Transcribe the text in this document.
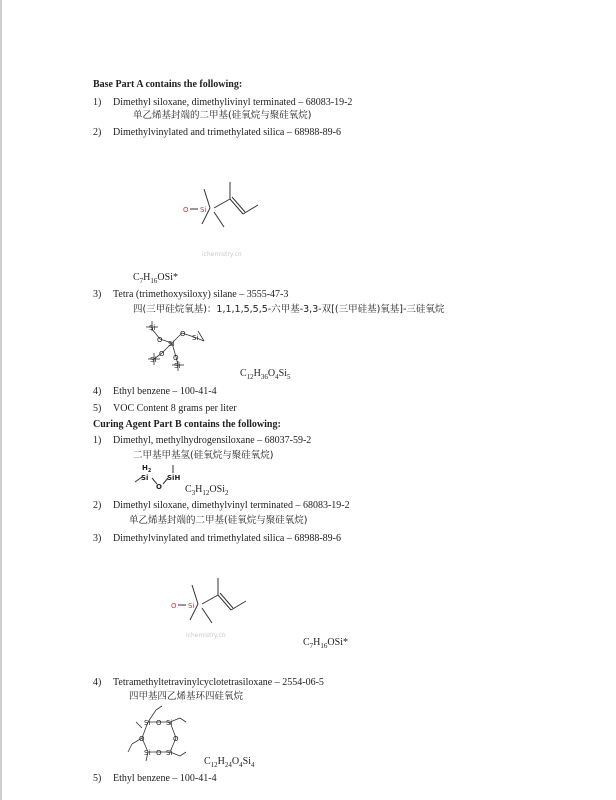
Base Part A contains the following:
1) Dimethyl siloxane, dimethylivinyl terminated – 68083-19-2
单乙烯基封端的二甲基(硅氧烷与聚硅氧烷)
2) Dimethylvinylated and trimethylated silica – 68988-89-6
O Si
ichemistry.cn
$C_7H_{16}OSi*$
3) Tetra (trimethoxysiloxy) silane – 3555-47-3
四(三甲硅烷氧基)：1,1,1,5,5,5-六甲基-3,3-双[(三甲硅基)氧基]-三硅氧烷
Si
O Si
O Si
O
Si O
Si
$C_{12}H_{36}O_4Si_5$
4) Ethyl benzene – 100-41-4
5) VOC Content 8 grams per liter
Curing Agent Part B contains the following:
1) Dimethyl, methylhydrogensiloxane – 68037-59-2
二甲基甲基氢(硅氧烷与聚硅氧烷)
$H_2$
Si
O
SiH
$C_3H_{12}OSi_2$
2) Dimethyl siloxane, dimethylvinyl terminated – 68083-19-2
单乙烯基封端的二甲基(硅氧烷与聚硅氧烷)
3) Dimethylvinylated and trimethylated silica – 68988-89-6
O Si
ichemistry.cn
$C_7H_{16}OSi*$
4) Tetramethyltetravinylcyclotetrasiloxane – 2554-06-5
四甲基四乙烯基环四硅氧烷
Si O Si
O	O
Si O Si
$C_{12}H_{24}O_4Si_4$
5) Ethyl benzene – 100-41-4
